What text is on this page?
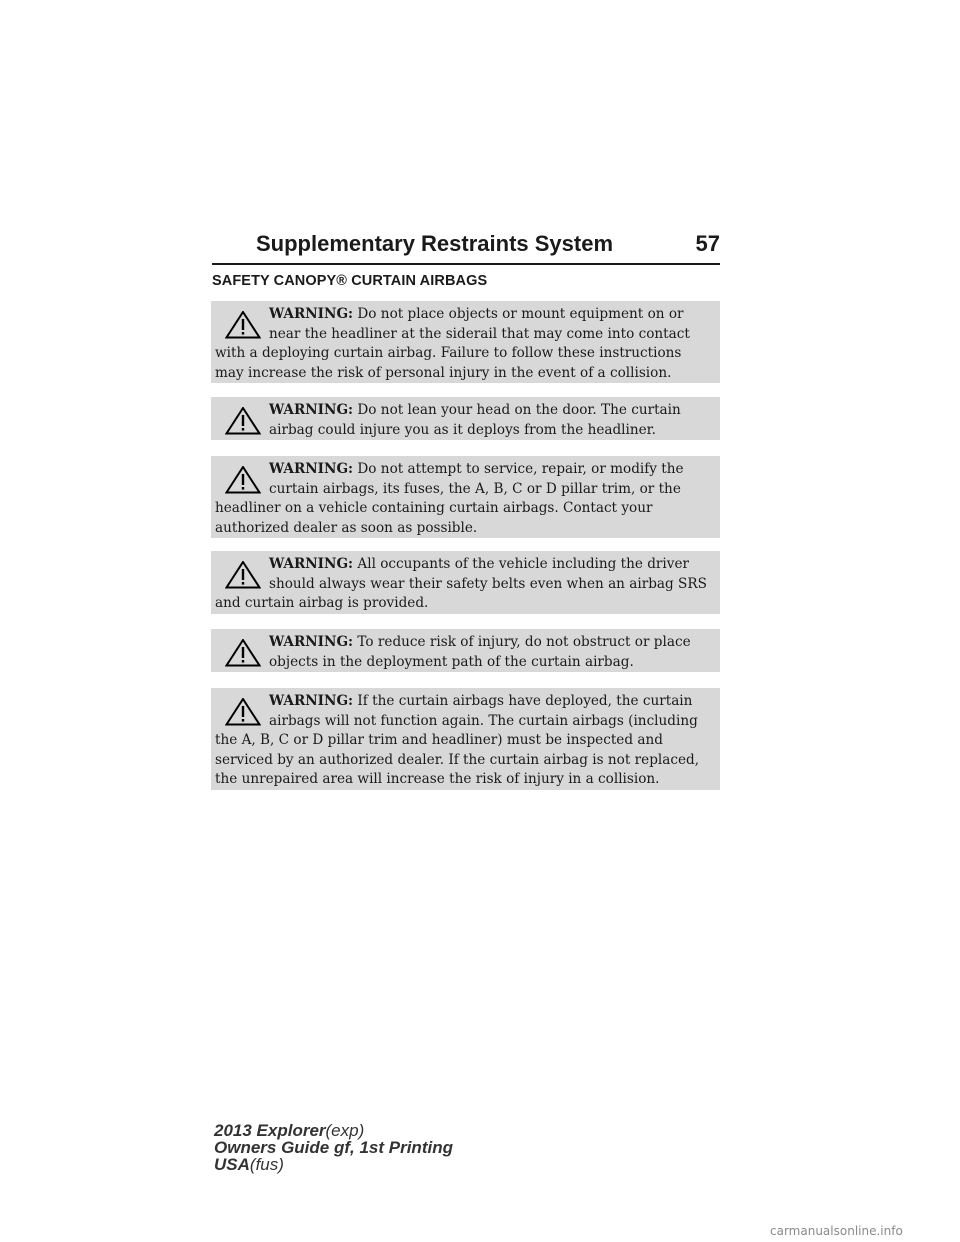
Supplementary Restraints System	57
SAFETY CANOPY® CURTAIN AIRBAGS
WARNING: Do not place objects or mount equipment on or near the headliner at the siderail that may come into contact with a deploying curtain airbag. Failure to follow these instructions may increase the risk of personal injury in the event of a collision.
WARNING: Do not lean your head on the door. The curtain airbag could injure you as it deploys from the headliner.
WARNING: Do not attempt to service, repair, or modify the curtain airbags, its fuses, the A, B, C or D pillar trim, or the headliner on a vehicle containing curtain airbags. Contact your authorized dealer as soon as possible.
WARNING: All occupants of the vehicle including the driver should always wear their safety belts even when an airbag SRS and curtain airbag is provided.
WARNING: To reduce risk of injury, do not obstruct or place objects in the deployment path of the curtain airbag.
WARNING: If the curtain airbags have deployed, the curtain airbags will not function again. The curtain airbags (including the A, B, C or D pillar trim and headliner) must be inspected and serviced by an authorized dealer. If the curtain airbag is not replaced, the unrepaired area will increase the risk of injury in a collision.
2013 Explorer(exp)
Owners Guide gf, 1st Printing
USA(fus)
carmanualsonline.info
